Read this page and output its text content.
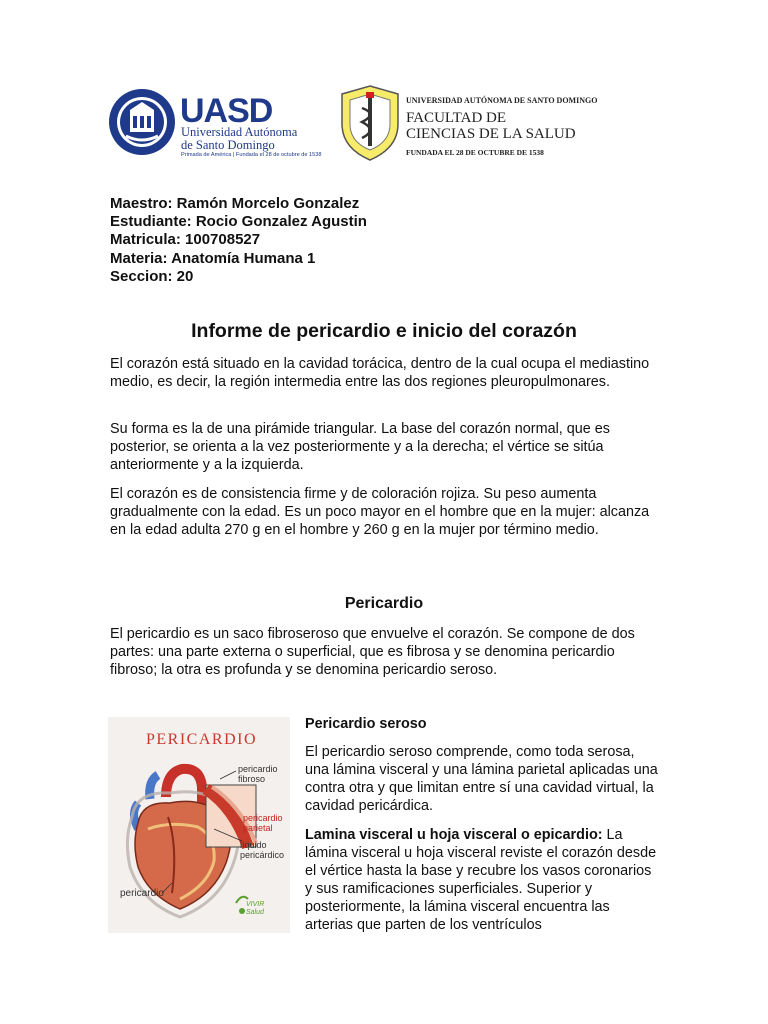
UASD
Universidad Autónoma
de Santo Domingo
Primada de América | Fundada el 28 de octubre de 1538
UNIVERSIDAD AUTÓNOMA DE SANTO DOMINGO
FACULTAD DE
CIENCIAS DE LA SALUD
FUNDADA EL 28 DE OCTUBRE DE 1538
Maestro: Ramón Morcelo Gonzalez
Estudiante: Rocio Gonzalez Agustin
Matricula: 100708527
Materia: Anatomía Humana 1
Seccion: 20
Informe de pericardio e inicio del corazón
El corazón está situado en la cavidad torácica, dentro de la cual ocupa el mediastino medio, es decir, la región intermedia entre las dos regiones pleuropulmonares.
Su forma es la de una pirámide triangular. La base del corazón normal, que es posterior, se orienta a la vez posteriormente y a la derecha; el vértice se sitúa anteriormente y a la izquierda.
El corazón es de consistencia firme y de coloración rojiza. Su peso aumenta gradualmente con la edad. Es un poco mayor en el hombre que en la mujer: alcanza en la edad adulta 270 g en el hombre y 260 g en la mujer por término medio.
Pericardio
El pericardio es un saco fibroseroso que envuelve el corazón. Se compone de dos partes: una parte externa o superficial, que es fibrosa y se denomina pericardio fibroso; la otra es profunda y se denomina pericardio seroso.
PERICARDIO
pericardio
fibroso
pericardio
parietal
líquido
pericárdico
pericardio
VIVIR
Salud
Pericardio seroso
El pericardio seroso comprende, como toda serosa, una lámina visceral y una lámina parietal aplicadas una contra otra y que limitan entre sí una cavidad virtual, la cavidad pericárdica.
Lamina visceral u hoja visceral o epicardio: La lámina visceral u hoja visceral reviste el corazón desde el vértice hasta la base y recubre los vasos coronarios y sus ramificaciones superficiales. Superior y posteriormente, la lámina visceral encuentra las arterias que parten de los ventrículos
